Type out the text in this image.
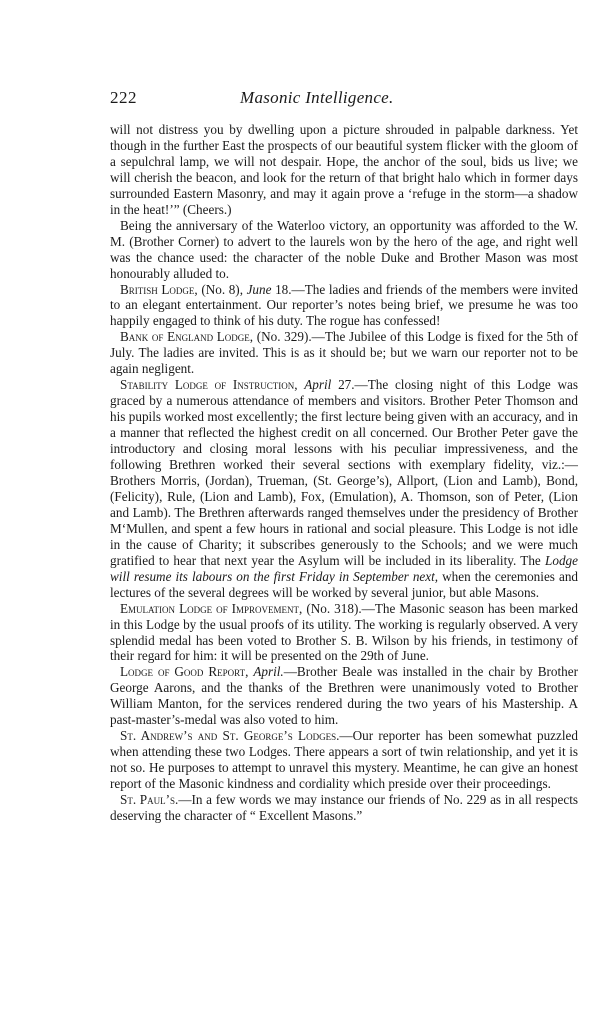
222	Masonic Intelligence.

will not distress you by dwelling upon a picture shrouded in palpable darkness. Yet though in the further East the prospects of our beautiful system flicker with the gloom of a sepulchral lamp, we will not despair. Hope, the anchor of the soul, bids us live; we will cherish the beacon, and look for the return of that bright halo which in former days surrounded Eastern Masonry, and may it again prove a ‘refuge in the storm—a shadow in the heat!’” (Cheers.)

Being the anniversary of the Waterloo victory, an opportunity was afforded to the W. M. (Brother Corner) to advert to the laurels won by the hero of the age, and right well was the chance used: the character of the noble Duke and Brother Mason was most honourably alluded to.

British Lodge, (No. 8), June 18.—The ladies and friends of the members were invited to an elegant entertainment. Our reporter’s notes being brief, we presume he was too happily engaged to think of his duty. The rogue has confessed!

Bank of England Lodge, (No. 329).—The Jubilee of this Lodge is fixed for the 5th of July. The ladies are invited. This is as it should be; but we warn our reporter not to be again negligent.

Stability Lodge of Instruction, April 27.—The closing night of this Lodge was graced by a numerous attendance of members and visitors. Brother Peter Thomson and his pupils worked most excellently; the first lecture being given with an accuracy, and in a manner that reflected the highest credit on all concerned. Our Brother Peter gave the introductory and closing moral lessons with his peculiar impressiveness, and the following Brethren worked their several sections with exemplary fidelity, viz.:—Brothers Morris, (Jordan), Trueman, (St. George’s), Allport, (Lion and Lamb), Bond, (Felicity), Rule, (Lion and Lamb), Fox, (Emulation), A. Thomson, son of Peter, (Lion and Lamb). The Brethren afterwards ranged themselves under the presidency of Brother M‘Mullen, and spent a few hours in rational and social pleasure. This Lodge is not idle in the cause of Charity; it subscribes generously to the Schools; and we were much gratified to hear that next year the Asylum will be included in its liberality. The Lodge will resume its labours on the first Friday in September next, when the ceremonies and lectures of the several degrees will be worked by several junior, but able Masons.

Emulation Lodge of Improvement, (No. 318).—The Masonic season has been marked in this Lodge by the usual proofs of its utility. The working is regularly observed. A very splendid medal has been voted to Brother S. B. Wilson by his friends, in testimony of their regard for him: it will be presented on the 29th of June.

Lodge of Good Report, April.—Brother Beale was installed in the chair by Brother George Aarons, and the thanks of the Brethren were unanimously voted to Brother William Manton, for the services rendered during the two years of his Mastership. A past-master’s-medal was also voted to him.

St. Andrew’s and St. George’s Lodges.—Our reporter has been somewhat puzzled when attending these two Lodges. There appears a sort of twin relationship, and yet it is not so. He purposes to attempt to unravel this mystery. Meantime, he can give an honest report of the Masonic kindness and cordiality which preside over their proceedings.

St. Paul’s.—In a few words we may instance our friends of No. 229 as in all respects deserving the character of “ Excellent Masons.”
